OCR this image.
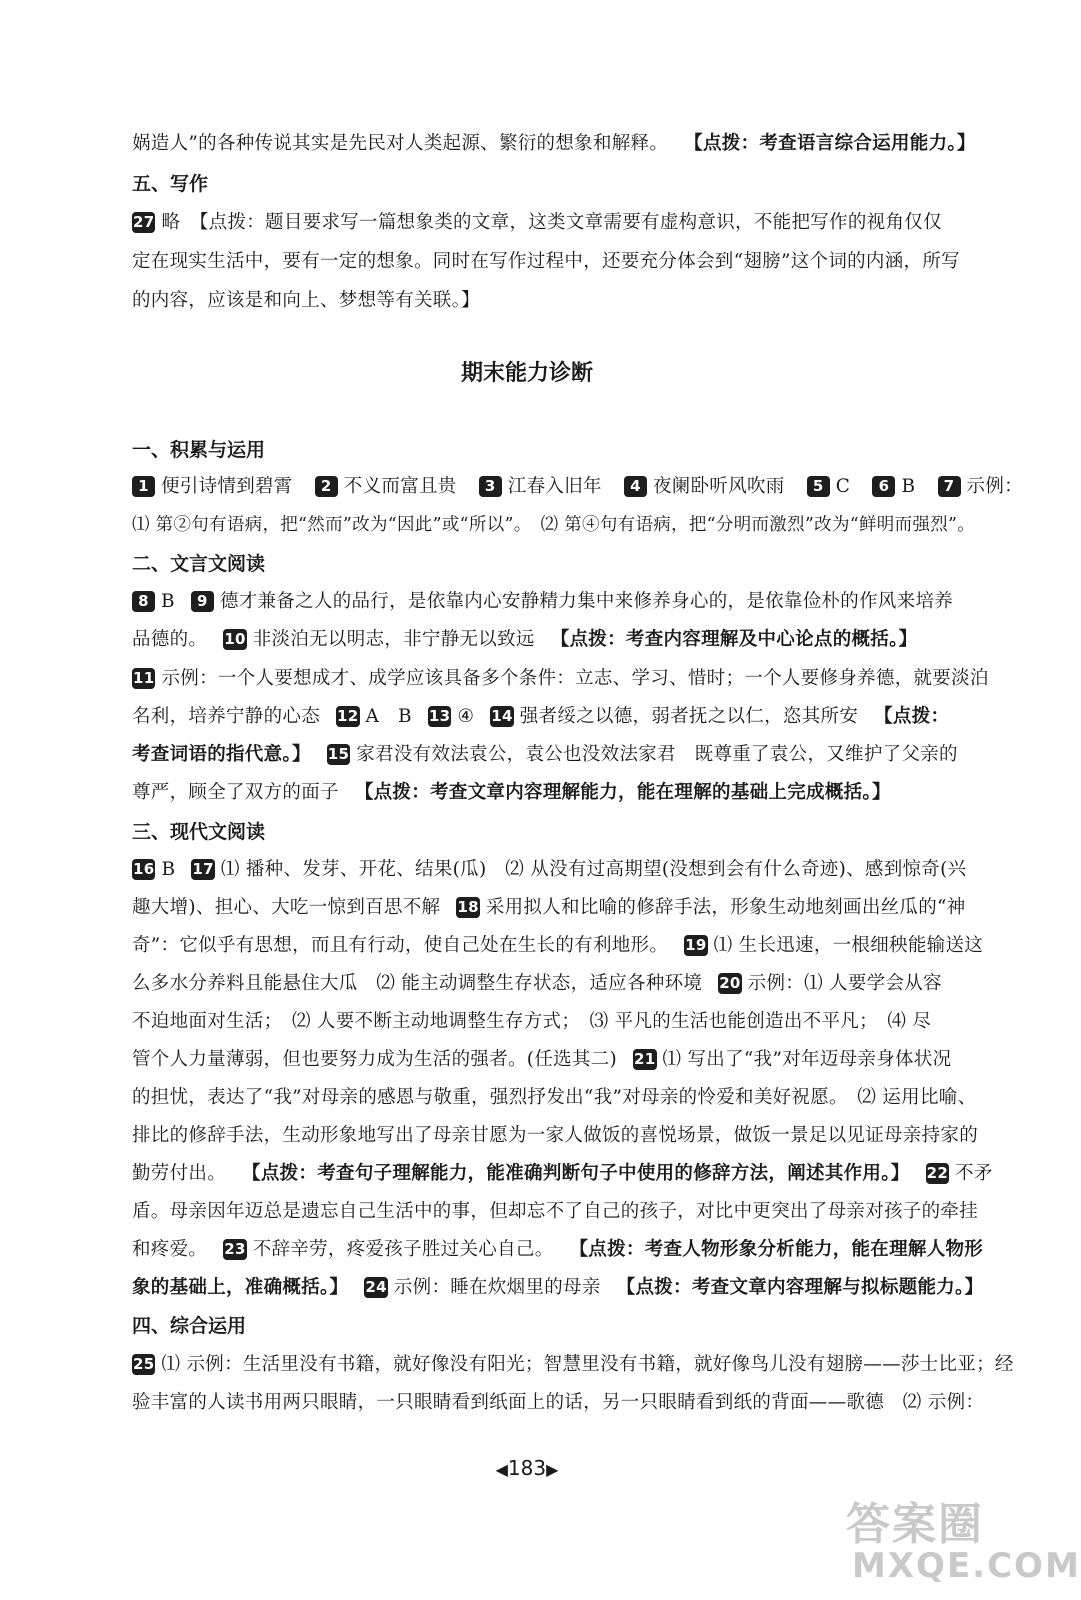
娲造人”的各种传说其实是先民对人类起源、繁衍的想象和解释。 【点拨：考查语言综合运用能力。】
五、写作
27 略　 【点拨：题目要求写一篇想象类的文章，这类文章需要有虚构意识，不能把写作的视角仅仅
定在现实生活中，要有一定的想象。同时在写作过程中，还要充分体会到“翅膀”这个词的内涵，所写
的内容，应该是和向上、梦想等有关联。】
期末能力诊断
一、积累与运用
1 便引诗情到碧霄 2 不义而富且贵 3 江春入旧年 4 夜阑卧听风吹雨 5 C 6 B 7 示例：
⑴ 第②句有语病，把“然而”改为“因此”或“所以”。　⑵ 第④句有语病，把“分明而激烈”改为“鲜明而强烈”。
二、文言文阅读
8 B 9 德才兼备之人的品行，是依靠内心安静精力集中来修养身心的，是依靠俭朴的作风来培养
品德的。 10 非淡泊无以明志，非宁静无以致远 【点拨：考查内容理解及中心论点的概括。】
11 示例：一个人要想成才、成学应该具备多个条件：立志、学习、惜时；一个人要修身养德，就要淡泊
名利，培养宁静的心态 12 A　B 13 ④ 14 强者绥之以德，弱者抚之以仁，恣其所安 【点拨：
考查词语的指代意。】 15 家君没有效法袁公，袁公也没效法家君　既尊重了袁公，又维护了父亲的
尊严，顾全了双方的面子 【点拨：考查文章内容理解能力，能在理解的基础上完成概括。】
三、现代文阅读
16 B 17 ⑴ 播种、发芽、开花、结果(瓜)　⑵ 从没有过高期望(没想到会有什么奇迹)、感到惊奇(兴
趣大增)、担心、大吃一惊到百思不解 18 采用拟人和比喻的修辞手法，形象生动地刻画出丝瓜的“神
奇”：它似乎有思想，而且有行动，使自己处在生长的有利地形。 19 ⑴ 生长迅速，一根细秧能输送这
么多水分养料且能悬住大瓜　⑵ 能主动调整生存状态，适应各种环境 20 示例：⑴ 人要学会从容
不迫地面对生活；　⑵ 人要不断主动地调整生存方式；　⑶ 平凡的生活也能创造出不平凡；　⑷ 尽
管个人力量薄弱，但也要努力成为生活的强者。(任选其二) 21 ⑴ 写出了“我”对年迈母亲身体状况
的担忧，表达了“我”对母亲的感恩与敬重，强烈抒发出“我”对母亲的怜爱和美好祝愿。　⑵ 运用比喻、
排比的修辞手法，生动形象地写出了母亲甘愿为一家人做饭的喜悦场景，做饭一景足以见证母亲持家的
勤劳付出。 【点拨：考查句子理解能力，能准确判断句子中使用的修辞方法，阐述其作用。】 22 不矛
盾。母亲因年迈总是遗忘自己生活中的事，但却忘不了自己的孩子，对比中更突出了母亲对孩子的牵挂
和疼爱。 23 不辞辛劳，疼爱孩子胜过关心自己。 【点拨：考查人物形象分析能力，能在理解人物形
象的基础上，准确概括。】 24 示例：睡在炊烟里的母亲 【点拨：考查文章内容理解与拟标题能力。】
四、综合运用
25 ⑴ 示例：生活里没有书籍，就好像没有阳光；智慧里没有书籍，就好像鸟儿没有翅膀——莎士比亚；经
验丰富的人读书用两只眼睛，一只眼睛看到纸面上的话，另一只眼睛看到纸的背面——歌德　⑵ 示例：
◀183▶
答案圈
MXQE.COM
